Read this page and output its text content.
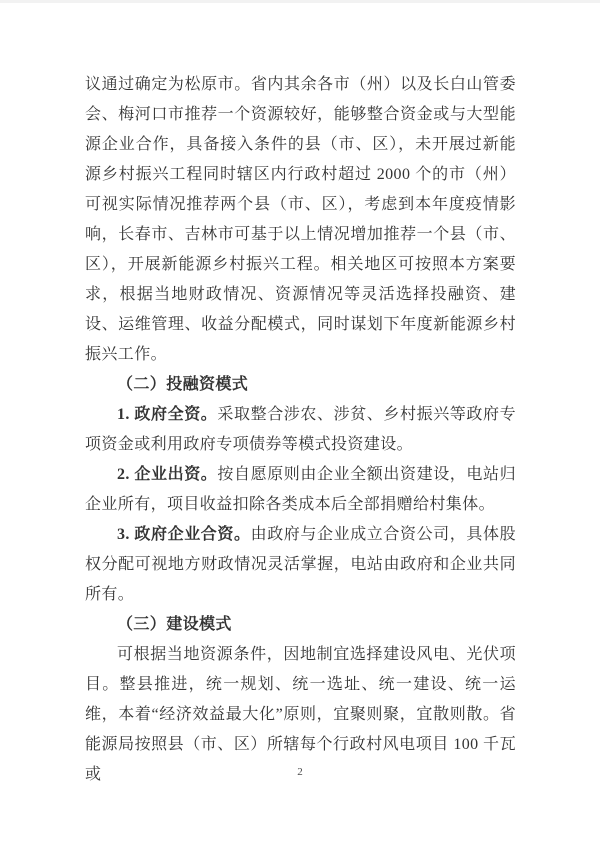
议通过确定为松原市。省内其余各市（州）以及长白山管委会、梅河口市推荐一个资源较好，能够整合资金或与大型能源企业合作，具备接入条件的县（市、区），未开展过新能源乡村振兴工程同时辖区内行政村超过 2000 个的市（州）可视实际情况推荐两个县（市、区），考虑到本年度疫情影响，长春市、吉林市可基于以上情况增加推荐一个县（市、区），开展新能源乡村振兴工程。相关地区可按照本方案要求，根据当地财政情况、资源情况等灵活选择投融资、建设、运维管理、收益分配模式，同时谋划下年度新能源乡村振兴工作。

（二）投融资模式

1. 政府全资。采取整合涉农、涉贫、乡村振兴等政府专项资金或利用政府专项债券等模式投资建设。

2. 企业出资。按自愿原则由企业全额出资建设，电站归企业所有，项目收益扣除各类成本后全部捐赠给村集体。

3. 政府企业合资。由政府与企业成立合资公司，具体股权分配可视地方财政情况灵活掌握，电站由政府和企业共同所有。

（三）建设模式

可根据当地资源条件，因地制宜选择建设风电、光伏项目。整县推进，统一规划、统一选址、统一建设、统一运维，本着“经济效益最大化”原则，宜聚则聚，宜散则散。省能源局按照县（市、区）所辖每个行政村风电项目 100 千瓦或	2
